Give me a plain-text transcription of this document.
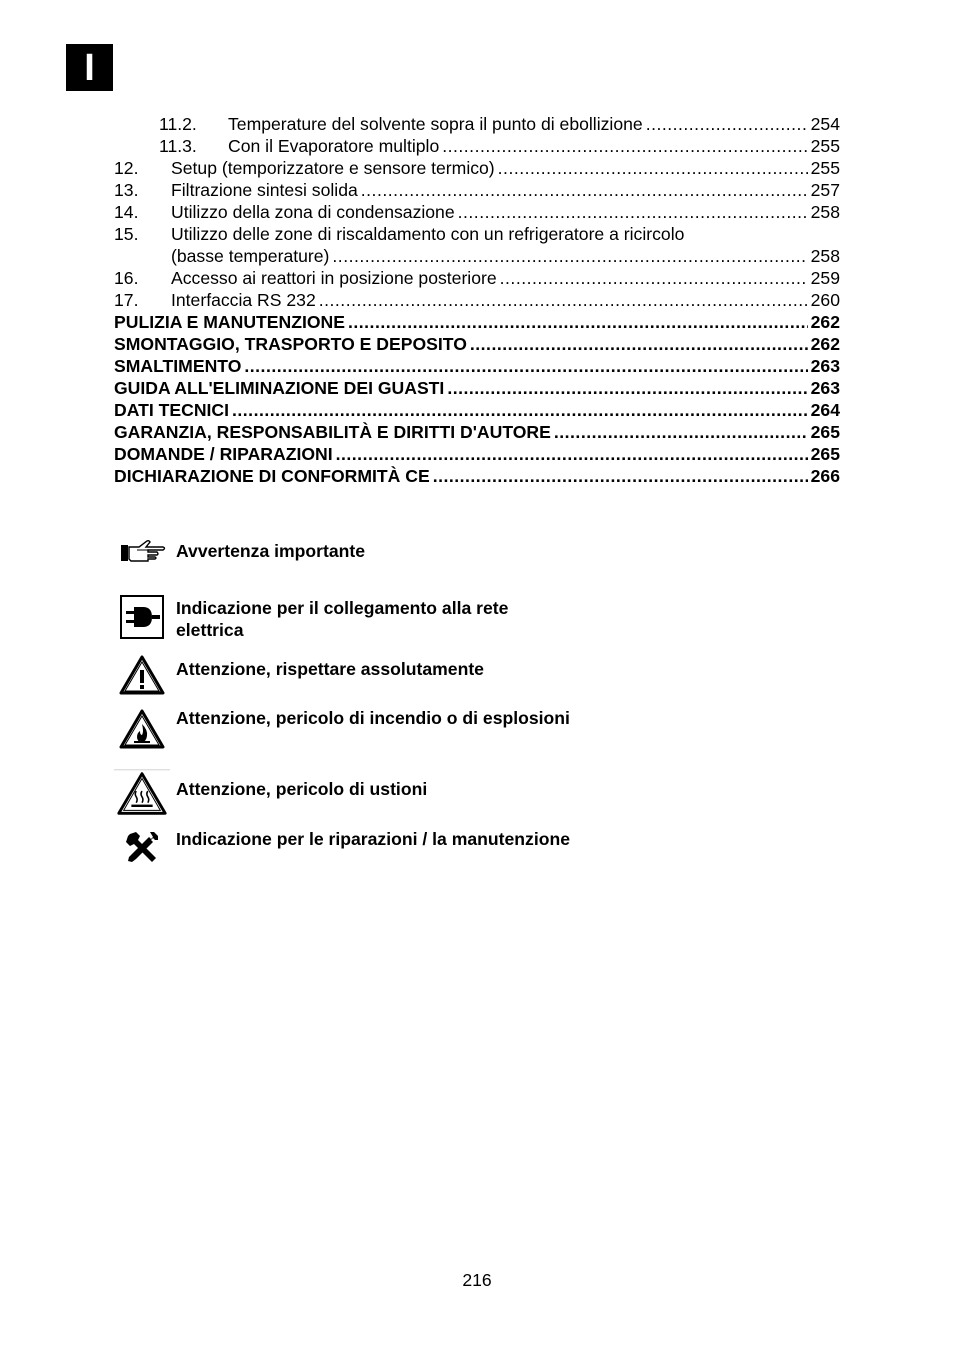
I
11.2.	Temperature del solvente sopra il punto di ebollizione .....	254
11.3.	Con il Evaporatore multiplo .....	255
12.	Setup (temporizzatore e sensore termico) .....	255
13.	Filtrazione sintesi solida .....	257
14.	Utilizzo della zona di condensazione .....	258
15.	Utilizzo delle zone di riscaldamento con un refrigeratore a ricircolo
(basse temperature) .....	258
16.	Accesso ai reattori in posizione posteriore .....	259
17.	Interfaccia RS 232 .....	260
PULIZIA E MANUTENZIONE .....	262
SMONTAGGIO, TRASPORTO E DEPOSITO .....	262
SMALTIMENTO .....	263
GUIDA ALL'ELIMINAZIONE DEI GUASTI .....	263
DATI TECNICI .....	264
GARANZIA, RESPONSABILITÀ E DIRITTI D'AUTORE .....	265
DOMANDE / RIPARAZIONI .....	265
DICHIARAZIONE DI CONFORMITÀ CE .....	266
Avvertenza importante
Indicazione per il collegamento alla rete elettrica
Attenzione, rispettare assolutamente
Attenzione, pericolo di incendio o di esplosioni
Attenzione, pericolo di ustioni
Indicazione per le riparazioni / la manutenzione
216
